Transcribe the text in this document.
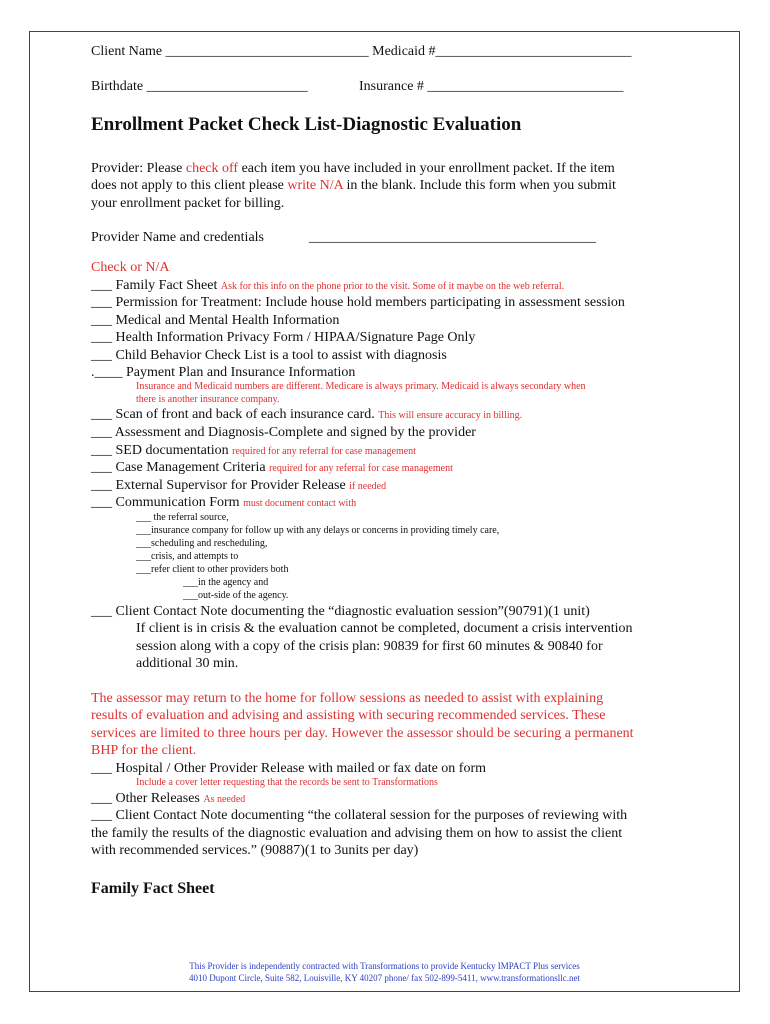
Client Name _____________________________ Medicaid #____________________________
Birthdate _______________________	Insurance # ____________________________
Enrollment Packet Check List-Diagnostic Evaluation
Provider: Please check off each item you have included in your enrollment packet. If the item
does not apply to this client please write N/A in the blank. Include this form when you submit
your enrollment packet for billing.
Provider Name and credentials	_________________________________________
Check or N/A
___ Family Fact Sheet Ask for this info on the phone prior to the visit. Some of it maybe on the web referral.
___ Permission for Treatment: Include house hold members participating in assessment session
___ Medical and Mental Health Information
___ Health Information Privacy Form / HIPAA/Signature Page Only
___ Child Behavior Check List is a tool to assist with diagnosis
.____ Payment Plan and Insurance Information
Insurance and Medicaid numbers are different. Medicare is always primary. Medicaid is always secondary when
there is another insurance company.
___ Scan of front and back of each insurance card. This will ensure accuracy in billing.
___ Assessment and Diagnosis-Complete and signed by the provider
___ SED documentation required for any referral for case management
___ Case Management Criteria required for any referral for case management
___ External Supervisor for Provider Release if needed
___ Communication Form must document contact with
___ the referral source,
___insurance company for follow up with any delays or concerns in providing timely care,
___scheduling and rescheduling,
___crisis, and attempts to
___refer client to other providers both
___in the agency and
___out-side of the agency.
___ Client Contact Note documenting the “diagnostic evaluation session”(90791)(1 unit)
If client is in crisis & the evaluation cannot be completed, document a crisis intervention
session along with a copy of the crisis plan: 90839 for first 60 minutes & 90840 for
additional 30 min.
The assessor may return to the home for follow sessions as needed to assist with explaining
results of evaluation and advising and assisting with securing recommended services. These
services are limited to three hours per day. However the assessor should be securing a permanent
BHP for the client.
___ Hospital / Other Provider Release with mailed or fax date on form
Include a cover letter requesting that the records be sent to Transformations
___ Other Releases As needed
___ Client Contact Note documenting “the collateral session for the purposes of reviewing with
the family the results of the diagnostic evaluation and advising them on how to assist the client
with recommended services.” (90887)(1 to 3units per day)
Family Fact Sheet
This Provider is independently contracted with Transformations to provide Kentucky IMPACT Plus services
4010 Dupont Circle, Suite 582, Louisville, KY 40207 phone/ fax 502-899-5411, www.transformationsllc.net
